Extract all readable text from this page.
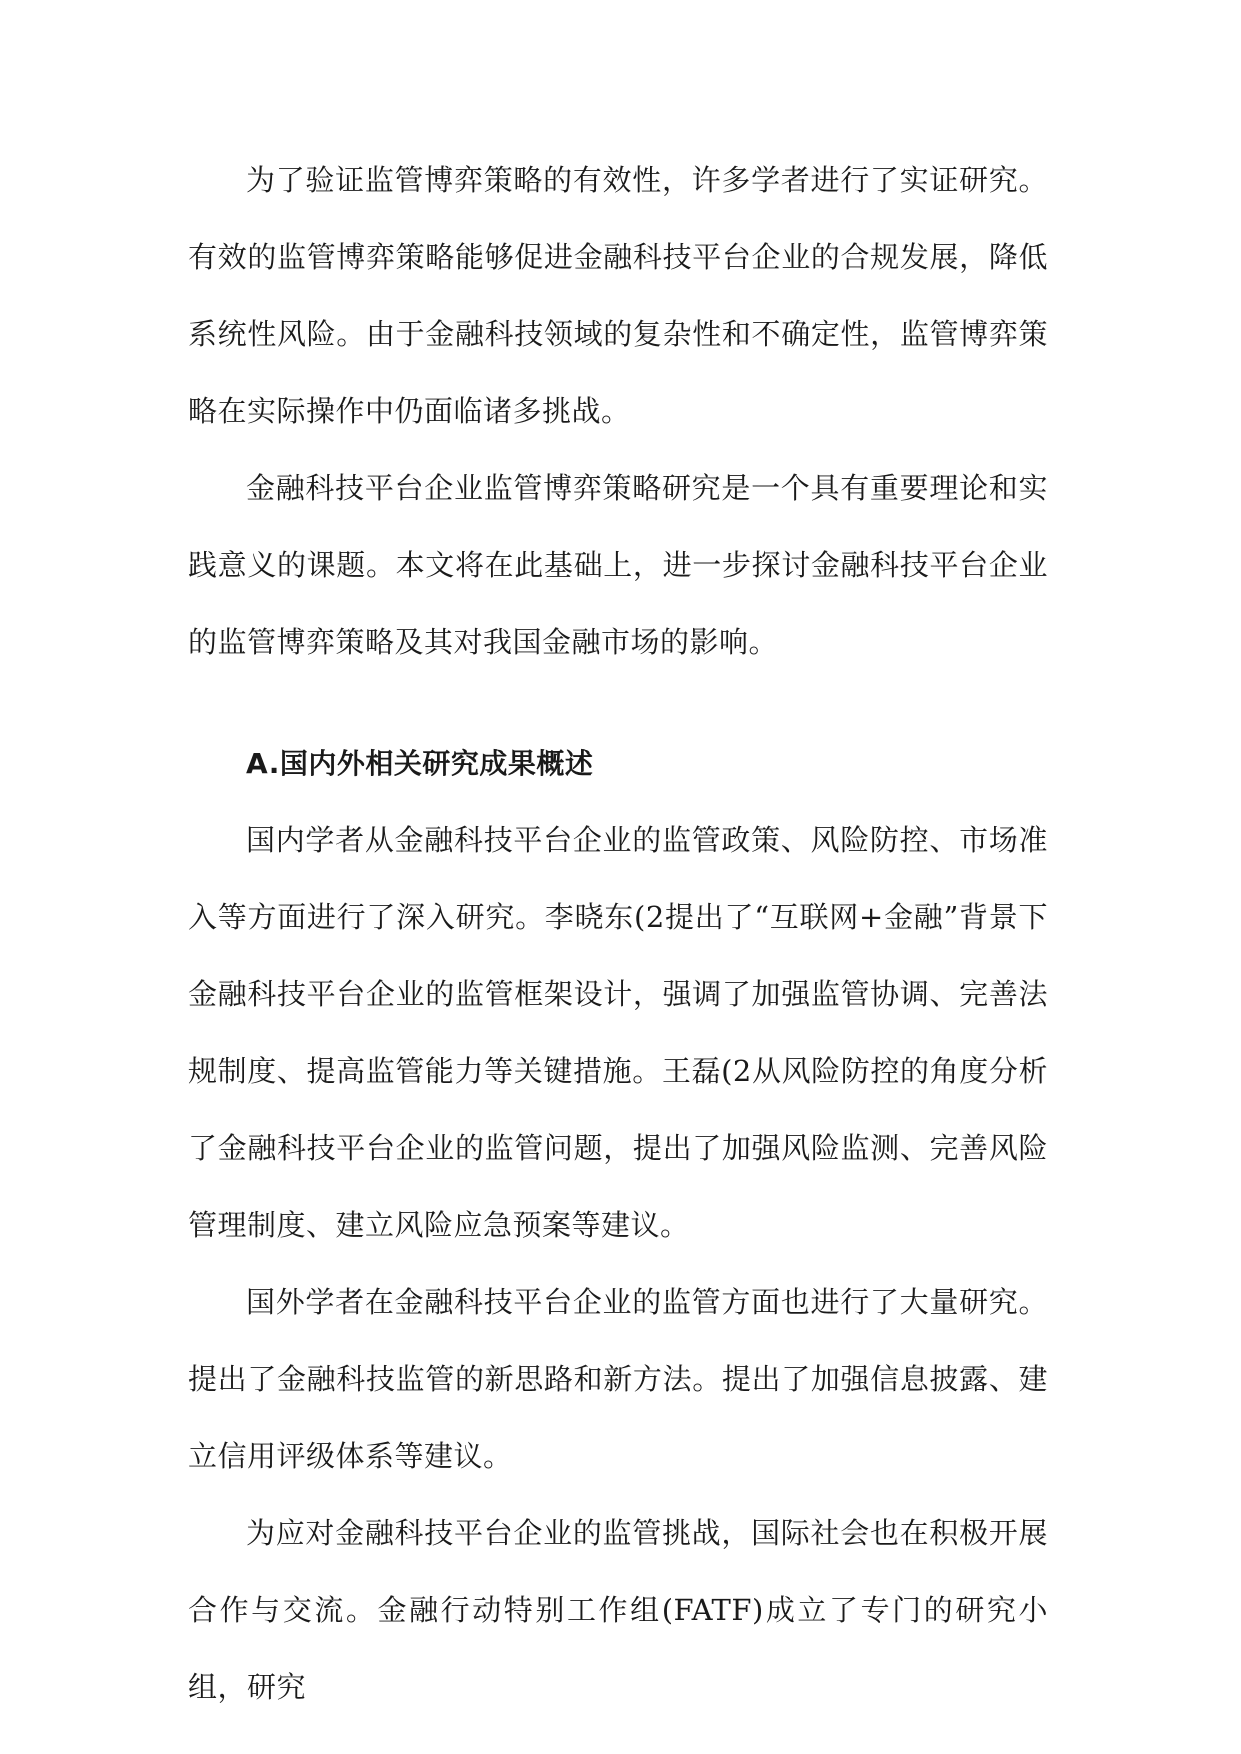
为了验证监管博弈策略的有效性，许多学者进行了实证研究。有效的监管博弈策略能够促进金融科技平台企业的合规发展，降低系统性风险。由于金融科技领域的复杂性和不确定性，监管博弈策略在实际操作中仍面临诸多挑战。

金融科技平台企业监管博弈策略研究是一个具有重要理论和实践意义的课题。本文将在此基础上，进一步探讨金融科技平台企业的监管博弈策略及其对我国金融市场的影响。

A.国内外相关研究成果概述

国内学者从金融科技平台企业的监管政策、风险防控、市场准入等方面进行了深入研究。李晓东(2提出了“互联网+金融”背景下金融科技平台企业的监管框架设计，强调了加强监管协调、完善法规制度、提高监管能力等关键措施。王磊(2从风险防控的角度分析了金融科技平台企业的监管问题，提出了加强风险监测、完善风险管理制度、建立风险应急预案等建议。

国外学者在金融科技平台企业的监管方面也进行了大量研究。提出了金融科技监管的新思路和新方法。提出了加强信息披露、建立信用评级体系等建议。

为应对金融科技平台企业的监管挑战，国际社会也在积极开展合作与交流。金融行动特别工作组(FATF)成立了专门的研究小组，研究
